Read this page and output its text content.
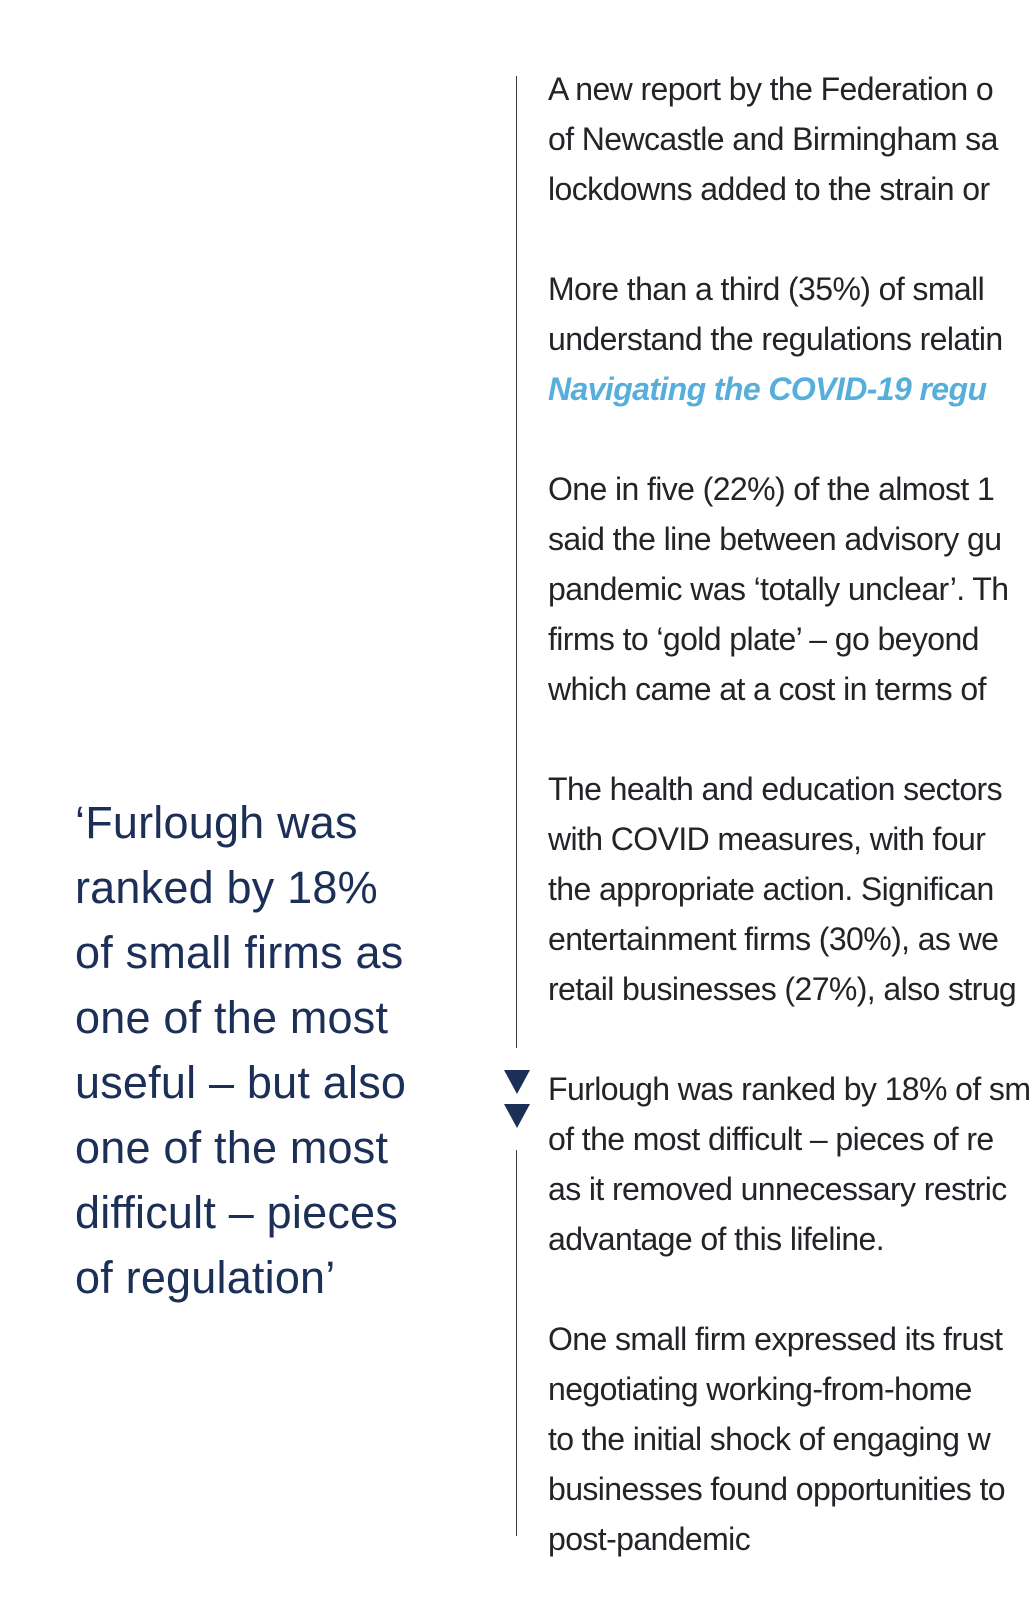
‘Furlough was
ranked by 18%
of small firms as
one of the most
useful – but also
one of the most
difficult – pieces
of regulation’

A new report by the Federation o
of Newcastle and Birmingham sa
lockdowns added to the strain or

More than a third (35%) of small
understand the regulations relatin
Navigating the COVID-19 regu

One in five (22%) of the almost 1
said the line between advisory gu
pandemic was ‘totally unclear’. Th
firms to ‘gold plate’ – go beyond
which came at a cost in terms of

The health and education sectors
with COVID measures, with four
the appropriate action. Significan
entertainment firms (30%), as we
retail businesses (27%), also strug

Furlough was ranked by 18% of sm
of the most difficult – pieces of re
as it removed unnecessary restric
advantage of this lifeline.

One small firm expressed its frust
negotiating working-from-home
to the initial shock of engaging w
businesses found opportunities to
post-pandemic
